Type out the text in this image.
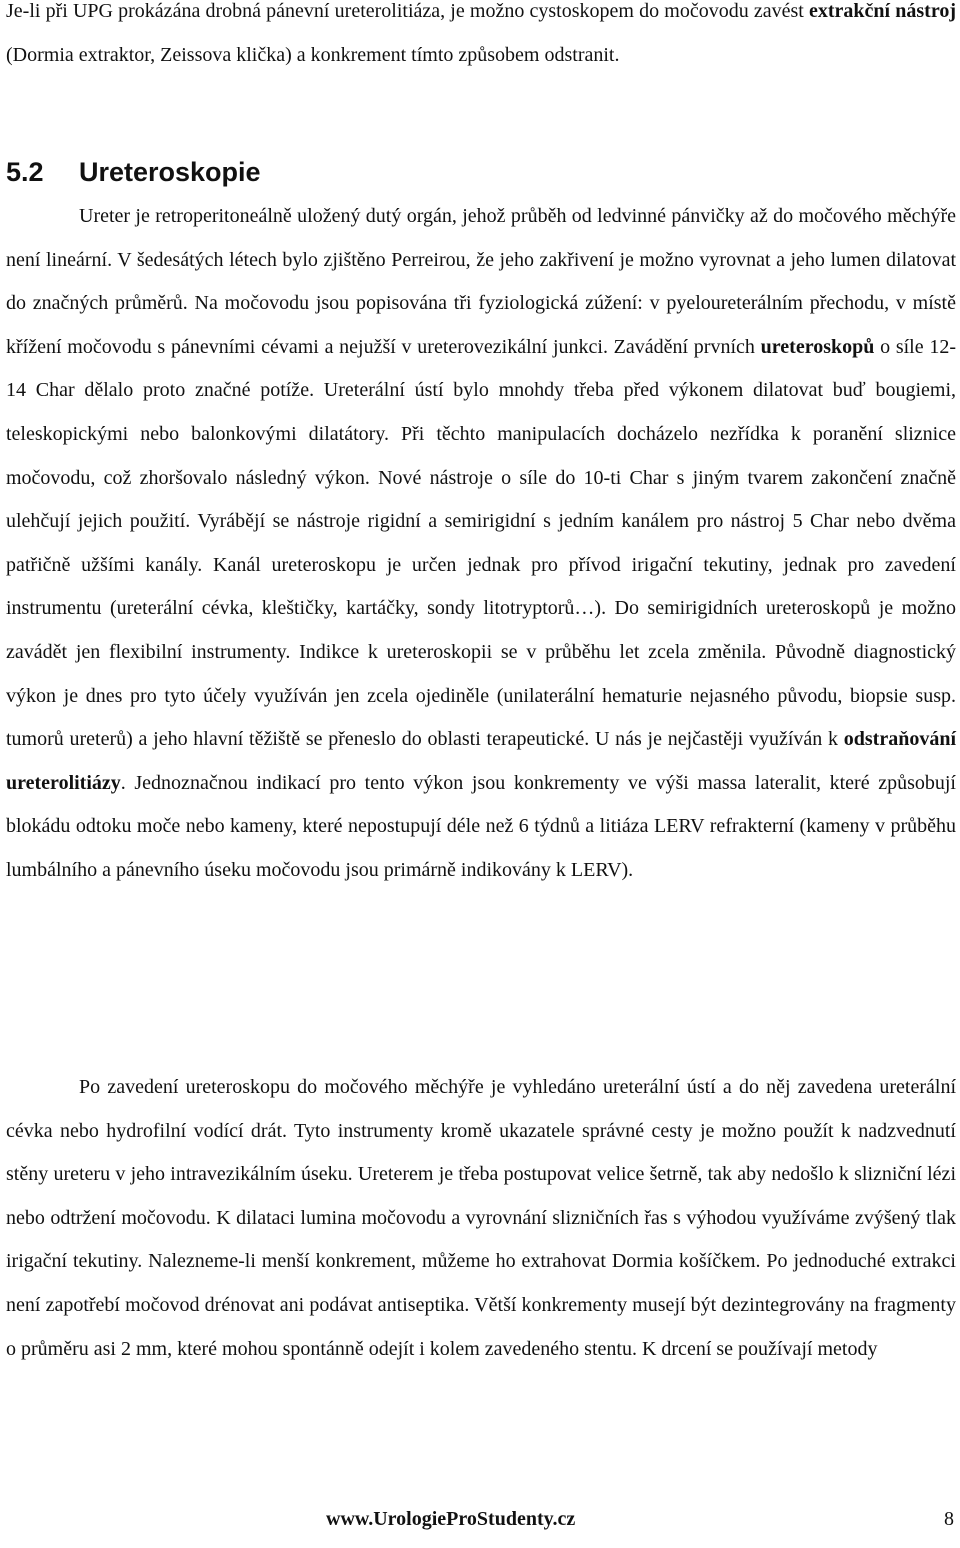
Je-li při UPG prokázána drobná pánevní ureterolitiáza, je možno cystoskopem do močovodu zavést extrakční nástroj (Dormia extraktor, Zeissova klička) a konkrement tímto způsobem odstranit.

5.2 Ureteroskopie

Ureter je retroperitoneálně uložený dutý orgán, jehož průběh od ledvinné pánvičky až do močového měchýře není lineární. V šedesátých létech bylo zjištěno Perreirou, že jeho zakřivení je možno vyrovnat a jeho lumen dilatovat do značných průměrů. Na močovodu jsou popisována tři fyziologická zúžení: v pyeloureterálním přechodu, v místě křížení močovodu s pánevními cévami a nejužší v ureterovezikální junkci. Zavádění prvních ureteroskopů o síle 12-14 Char dělalo proto značné potíže. Ureterální ústí bylo mnohdy třeba před výkonem dilatovat buď bougiemi, teleskopickými nebo balonkovými dilatátory. Při těchto manipulacích docházelo nezřídka k poranění sliznice močovodu, což zhoršovalo následný výkon. Nové nástroje o síle do 10-ti Char s jiným tvarem zakončení značně ulehčují jejich použití. Vyrábějí se nástroje rigidní a semirigidní s jedním kanálem pro nástroj 5 Char nebo dvěma patřičně užšími kanály. Kanál ureteroskopu je určen jednak pro přívod irigační tekutiny, jednak pro zavedení instrumentu (ureterální cévka, kleštičky, kartáčky, sondy litotryptorů…). Do semirigidních ureteroskopů je možno zavádět jen flexibilní instrumenty. Indikce k ureteroskopii se v průběhu let zcela změnila. Původně diagnostický výkon je dnes pro tyto účely využíván jen zcela ojediněle (unilaterální hematurie nejasného původu, biopsie susp. tumorů ureterů) a jeho hlavní těžiště se přeneslo do oblasti terapeutické. U nás je nejčastěji využíván k odstraňování ureterolitiázy. Jednoznačnou indikací pro tento výkon jsou konkrementy ve výši massa lateralit, které způsobují blokádu odtoku moče nebo kameny, které nepostupují déle než 6 týdnů a litiáza LERV refrakterní (kameny v průběhu lumbálního a pánevního úseku močovodu jsou primárně indikovány k LERV).

Po zavedení ureteroskopu do močového měchýře je vyhledáno ureterální ústí a do něj zavedena ureterální cévka nebo hydrofilní vodící drát. Tyto instrumenty kromě ukazatele správné cesty je možno použít k nadzvednutí stěny ureteru v jeho intravezikálním úseku. Ureterem je třeba postupovat velice šetrně, tak aby nedošlo k slizniční lézi nebo odtržení močovodu. K dilataci lumina močovodu a vyrovnání slizničních řas s výhodou využíváme zvýšený tlak irigační tekutiny. Nalezneme-li menší konkrement, můžeme ho extrahovat Dormia košíčkem. Po jednoduché extrakci není zapotřebí močovod drénovat ani podávat antiseptika. Větší konkrementy musejí být dezintegrovány na fragmenty o průměru asi 2 mm, které mohou spontánně odejít i kolem zavedeného stentu. K drcení se používají metody

www.UrologieProStudenty.cz	8
